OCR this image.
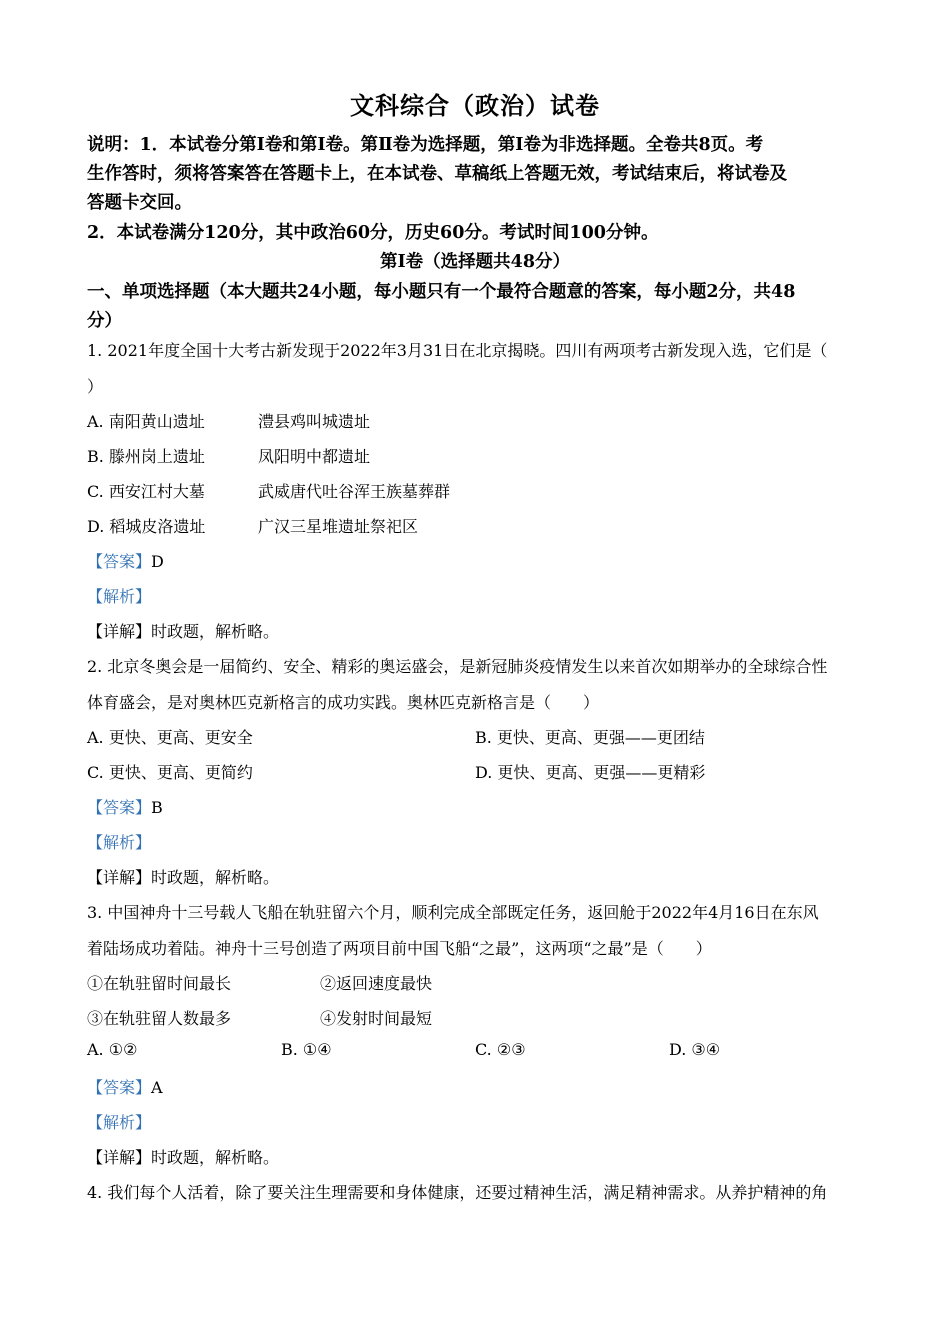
文科综合（政治）试卷
说明：1．本试卷分第Ⅰ卷和第Ⅰ卷。第Ⅱ卷为选择题，第Ⅰ卷为非选择题。全卷共8页。考
生作答时，须将答案答在答题卡上，在本试卷、草稿纸上答题无效，考试结束后，将试卷及
答题卡交回。
2．本试卷满分120分，其中政治60分，历史60分。考试时间100分钟。
第Ⅰ卷（选择题共48分）
一、单项选择题（本大题共24小题，每小题只有一个最符合题意的答案，每小题2分，共48
分）
1. 2021年度全国十大考古新发现于2022年3月31日在北京揭晓。四川有两项考古新发现入选，它们是（
）
A. 南阳黄山遗址	澧县鸡叫城遗址
B. 滕州岗上遗址	凤阳明中都遗址
C. 西安江村大墓	武威唐代吐谷浑王族墓葬群
D. 稻城皮洛遗址	广汉三星堆遗址祭祀区
【答案】D
【解析】
【详解】时政题，解析略。
2. 北京冬奥会是一届简约、安全、精彩的奥运盛会，是新冠肺炎疫情发生以来首次如期举办的全球综合性
体育盛会，是对奥林匹克新格言的成功实践。奥林匹克新格言是（　　）
A. 更快、更高、更安全	B. 更快、更高、更强——更团结
C. 更快、更高、更简约	D. 更快、更高、更强——更精彩
【答案】B
【解析】
【详解】时政题，解析略。
3. 中国神舟十三号载人飞船在轨驻留六个月，顺利完成全部既定任务，返回舱于2022年4月16日在东风
着陆场成功着陆。神舟十三号创造了两项目前中国飞船“之最”，这两项“之最”是（　　）
①在轨驻留时间最长	②返回速度最快
③在轨驻留人数最多	④发射时间最短
A. ①②	B. ①④	C. ②③	D. ③④
【答案】A
【解析】
【详解】时政题，解析略。
4. 我们每个人活着，除了要关注生理需要和身体健康，还要过精神生活，满足精神需求。从养护精神的角
